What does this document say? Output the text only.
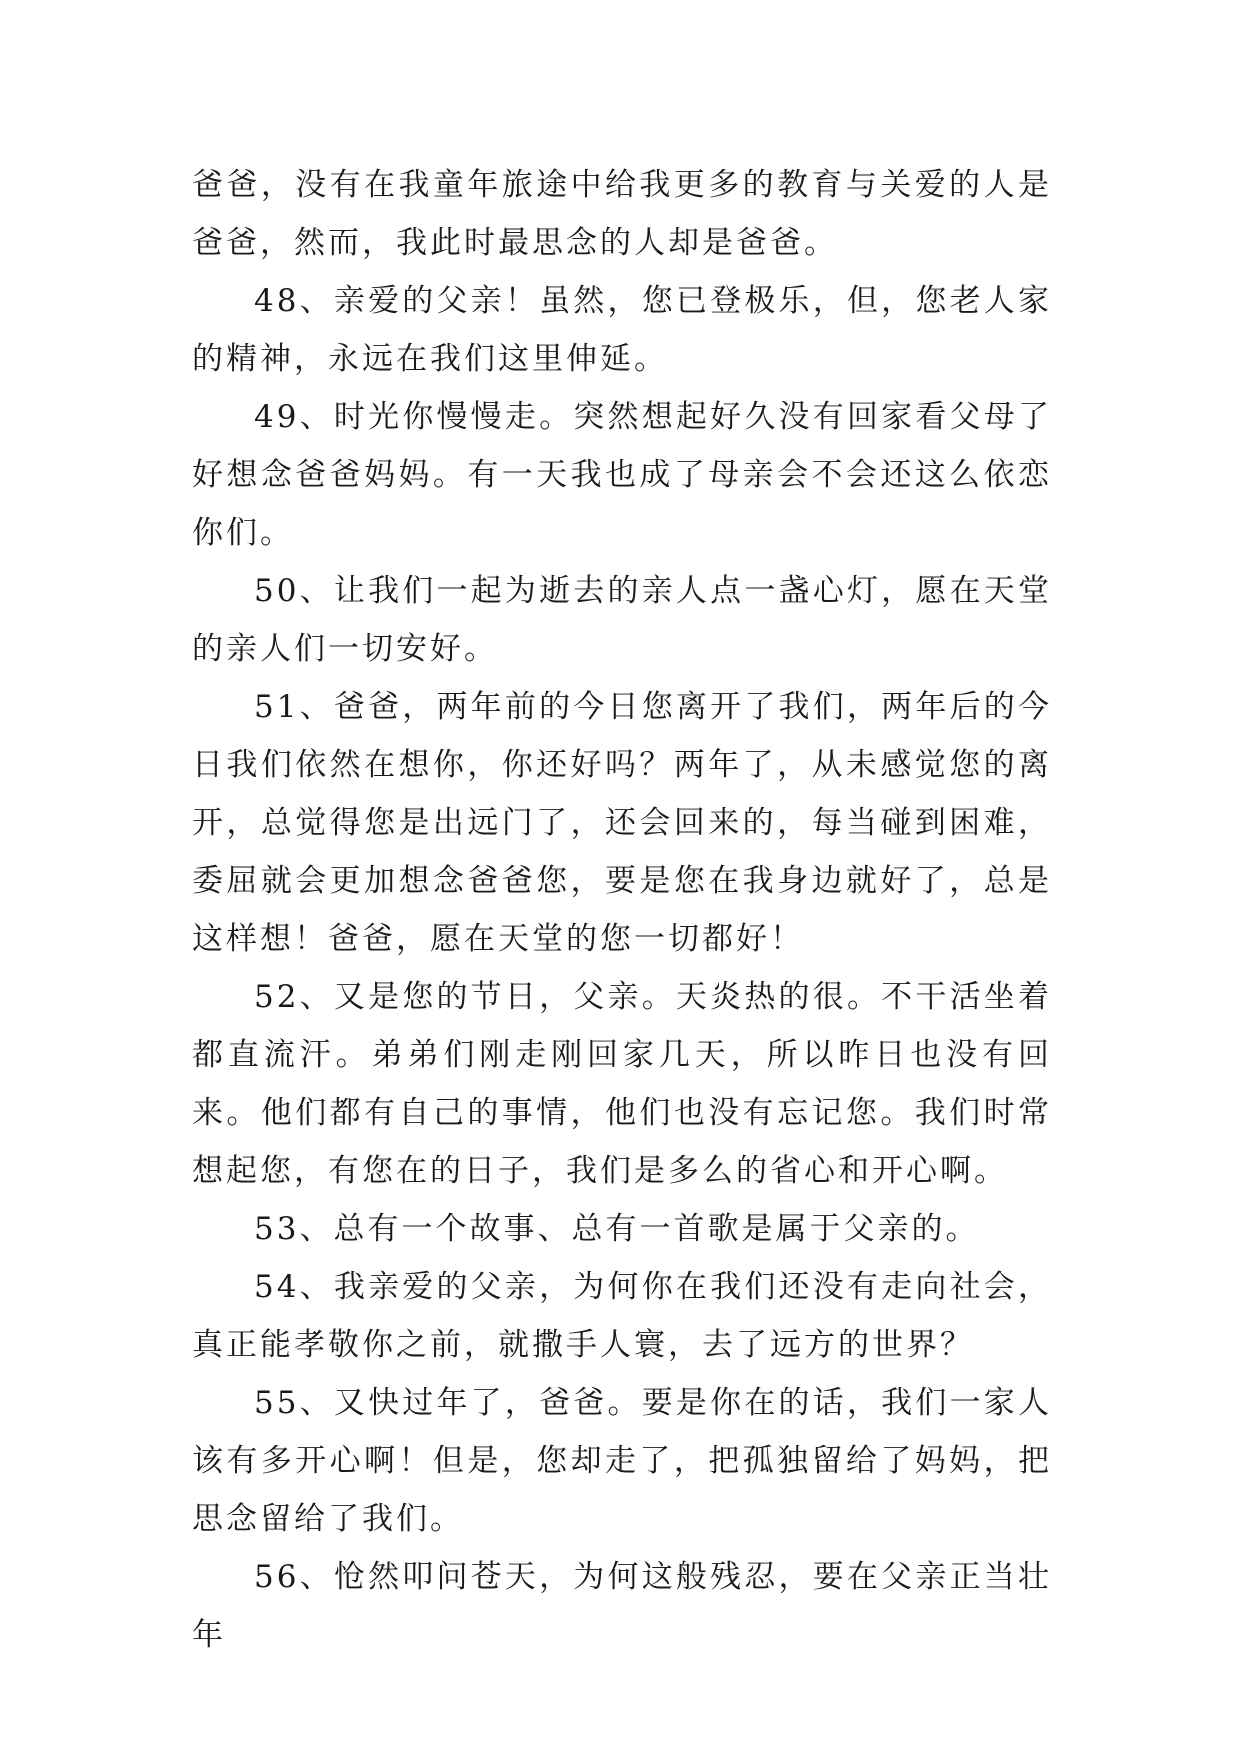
爸爸，没有在我童年旅途中给我更多的教育与关爱的人是爸爸，然而，我此时最思念的人却是爸爸。

48、亲爱的父亲！虽然，您已登极乐，但，您老人家的精神，永远在我们这里伸延。

49、时光你慢慢走。突然想起好久没有回家看父母了好想念爸爸妈妈。有一天我也成了母亲会不会还这么依恋你们。

50、让我们一起为逝去的亲人点一盏心灯，愿在天堂的亲人们一切安好。

51、爸爸，两年前的今日您离开了我们，两年后的今日我们依然在想你，你还好吗？两年了，从未感觉您的离开，总觉得您是出远门了，还会回来的，每当碰到困难，委屈就会更加想念爸爸您，要是您在我身边就好了，总是这样想！爸爸，愿在天堂的您一切都好！

52、又是您的节日，父亲。天炎热的很。不干活坐着都直流汗。弟弟们刚走刚回家几天，所以昨日也没有回来。他们都有自己的事情，他们也没有忘记您。我们时常想起您，有您在的日子，我们是多么的省心和开心啊。

53、总有一个故事、总有一首歌是属于父亲的。

54、我亲爱的父亲，为何你在我们还没有走向社会，真正能孝敬你之前，就撒手人寰，去了远方的世界？

55、又快过年了，爸爸。要是你在的话，我们一家人该有多开心啊！但是，您却走了，把孤独留给了妈妈，把思念留给了我们。

56、怆然叩问苍天，为何这般残忍，要在父亲正当壮年
